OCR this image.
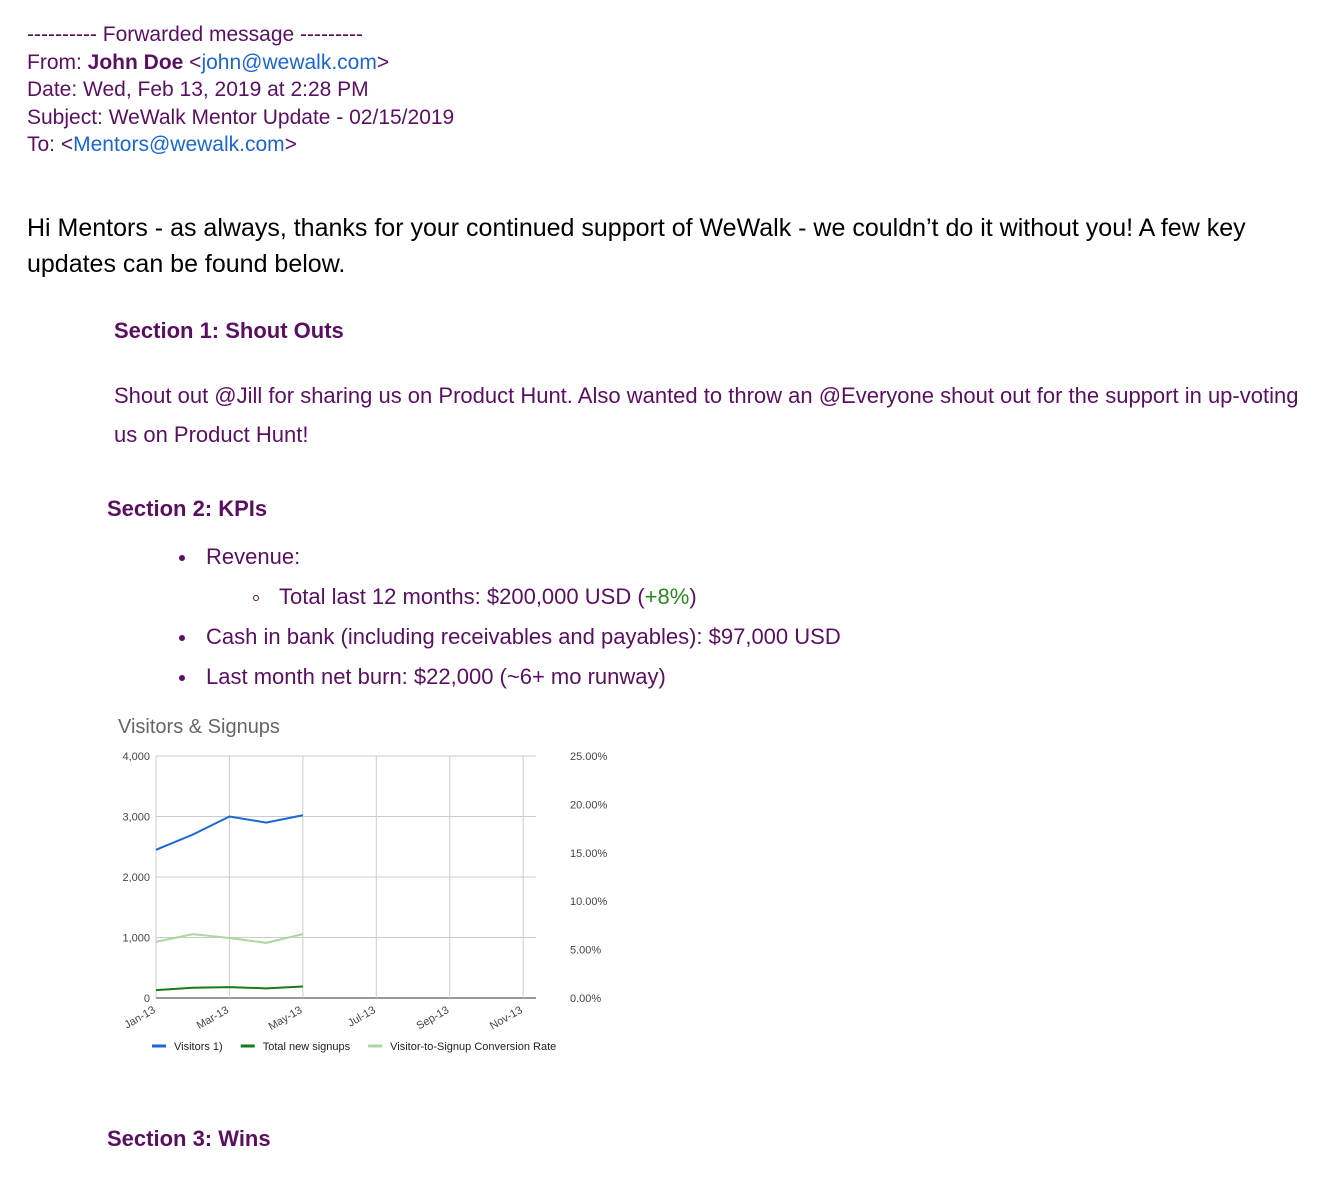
---------- Forwarded message ---------
From: John Doe <john@wewalk.com>
Date: Wed, Feb 13, 2019 at 2:28 PM
Subject: WeWalk Mentor Update - 02/15/2019
To: <Mentors@wewalk.com>
Hi Mentors - as always, thanks for your continued support of WeWalk - we couldn’t do it without you! A few key updates can be found below.
Section 1: Shout Outs
Shout out @Jill for sharing us on Product Hunt. Also wanted to throw an @Everyone shout out for the support in up-voting us on Product Hunt!
Section 2: KPIs
Revenue:
Total last 12 months: $200,000 USD (+8%)
Cash in bank (including receivables and payables): $97,000 USD
Last month net burn: $22,000 (~6+ mo runway)
Visitors & Signups
4,000
3,000
2,000
1,000
0
25.00%
20.00%
15.00%
10.00%
5.00%
0.00%
Jan-13	Mar-13	May-13	Jul-13	Sep-13	Nov-13
Visitors 1)	Total new signups	Visitor-to-Signup Conversion Rate
Section 3: Wins
